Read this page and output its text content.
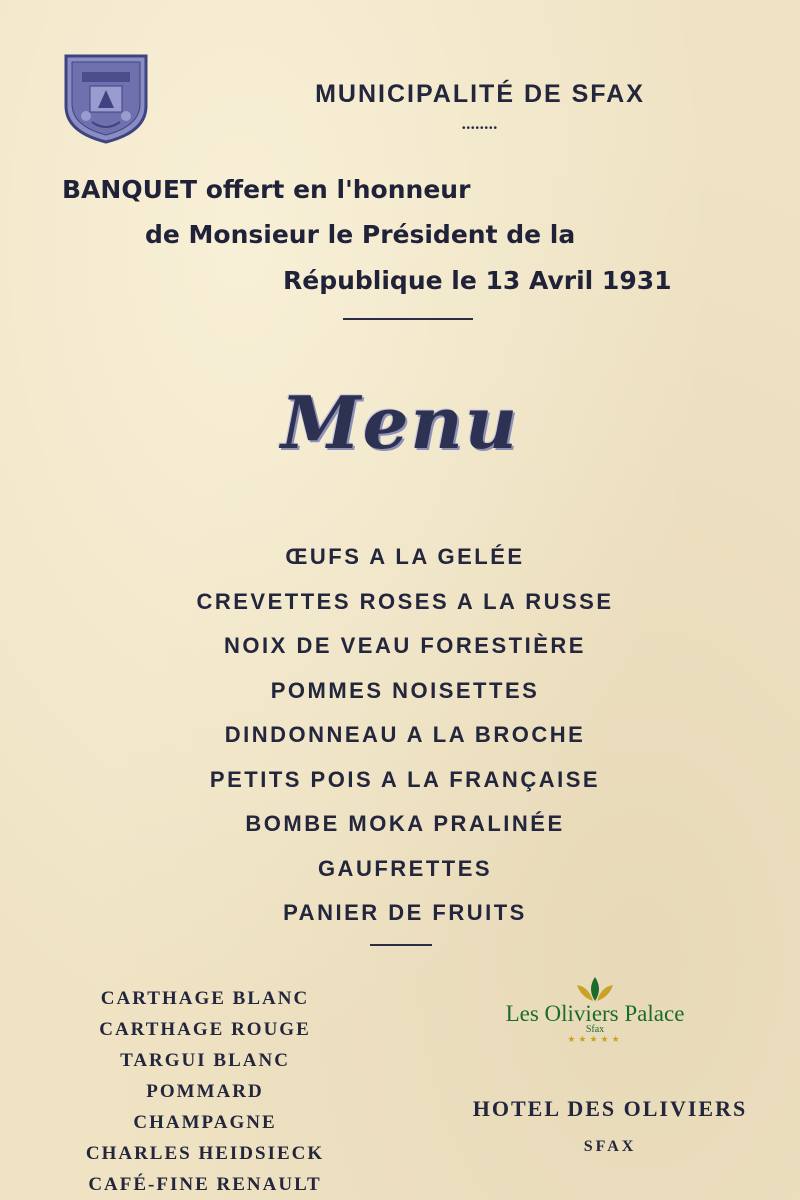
MUNICIPALITÉ DE SFAX
••••••••
BANQUET offert en l'honneur
de Monsieur le Président de la
République le 13 Avril 1931
Menu
ŒUFS A LA GELÉE
CREVETTES ROSES A LA RUSSE
NOIX DE VEAU FORESTIÈRE
POMMES NOISETTES
DINDONNEAU A LA BROCHE
PETITS POIS A LA FRANÇAISE
BOMBE MOKA PRALINÉE
GAUFRETTES
PANIER DE FRUITS
CARTHAGE BLANC
CARTHAGE ROUGE
TARGUI BLANC
POMMARD
CHAMPAGNE
CHARLES HEIDSIECK
CAFÉ-FINE RENAULT
Les Oliviers Palace
Sfax
★★★★★
HOTEL DES OLIVIERS
SFAX
